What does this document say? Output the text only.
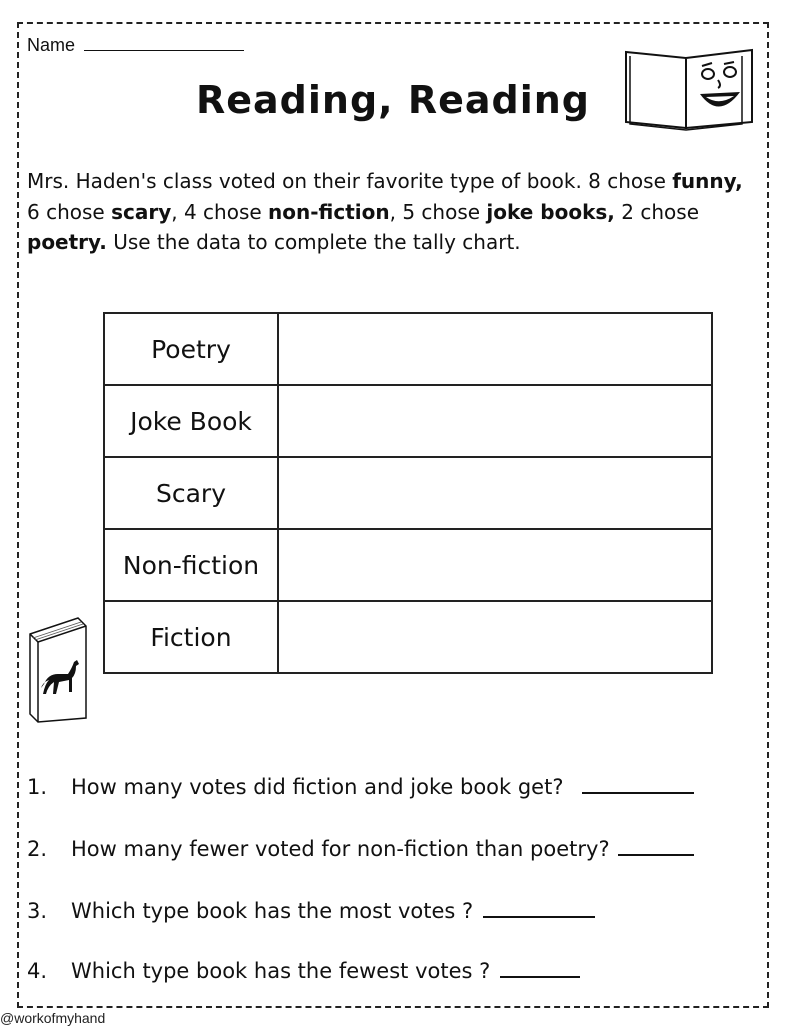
Name
Reading, Reading
Mrs. Haden's class voted on their favorite type of book. 8 chose funny, 6 chose scary, 4 chose non-fiction, 5 chose joke books, 2 chose poetry. Use the data to complete the tally chart.
Poetry	
Joke Book	
Scary	
Non-fiction	
Fiction	
1. How many votes did fiction and joke book get?
2. How many fewer voted for non-fiction than poetry?
3. Which type book has the most votes ?
4. Which type book has the fewest votes ?
@workofmyhand
